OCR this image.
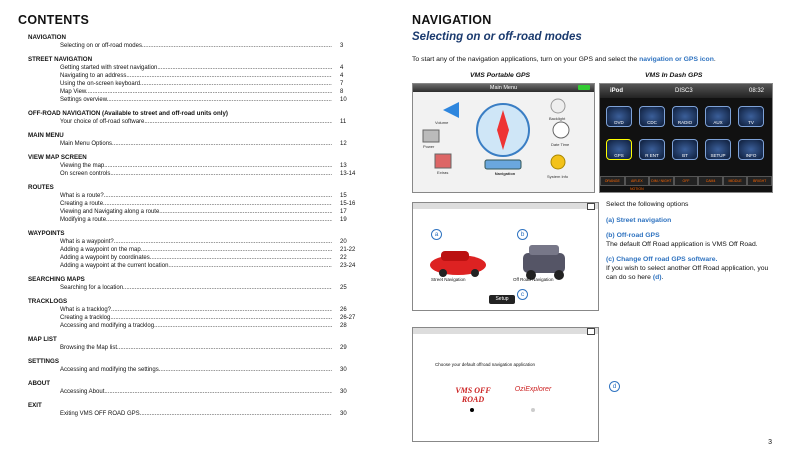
CONTENTS
NAVIGATION
Selecting on or off-road modes .....	3
STREET NAVIGATION
Getting started with street navigation .....	4
Navigating to an address .....	4
Using the on-screen keyboard .....	7
Map View .....	8
Settings overview .....	10
OFF-ROAD NAVIGATION (Available to street and off-road units only)
Your choice of off-road software .....	11
MAIN MENU
Main Menu Options .....	12
VIEW MAP SCREEN
Viewing the map .....	13
On screen controls .....	13-14
ROUTES
What is a route? .....	15
Creating a route .....	15-16
Viewing and Navigating along a route .....	17
Modifying a route .....	19
WAYPOINTS
What is a waypoint? .....	20
Adding a waypoint on the map .....	21-22
Adding a waypoint by coordinates .....	22
Adding a waypoint at the current location .....	23-24
SEARCHING MAPS
Searching for a location .....	25
TRACKLOGS
What is a tracklog? .....	26
Creating a tracklog .....	26-27
Accessing and modifying a tracklog .....	28
MAP LIST
Browsing the Map list .....	29
SETTINGS
Accessing and modifying the settings .....	30
ABOUT
Accessing About .....	30
EXIT
Exiting VMS OFF ROAD GPS .....	30
NAVIGATION
Selecting on or off-road modes
To start any of the navigation applications, turn on your GPS and select the navigation or GPS icon.
VMS Portable GPS	VMS In Dash GPS
Main Menu
Volume
Backlight
Power	Date Time
Extras	Navigation
System Info
iPod	DISC3	08:32
DVD	CDC	RADIO	AUX	TV
GPS	R ENT	BT	SETUP	INFO
ORANGE	AIR-EX NOTION
DIM / NIGHT	OFF	CAM4	MIDDLE	BRIGHT
Street Navigation	Off Road Navigation
Setup
Choose your default offroad navigation application
VMS OFF ROAD
OziExplorer
a	b
c
d

Select the following options

(a) Street navigation

(b) Off-road GPS
The default Off Road application is VMS Off Road.

(c) Change Off road GPS software.
If you wish to select another Off Road application, you can do so here (d).

3
